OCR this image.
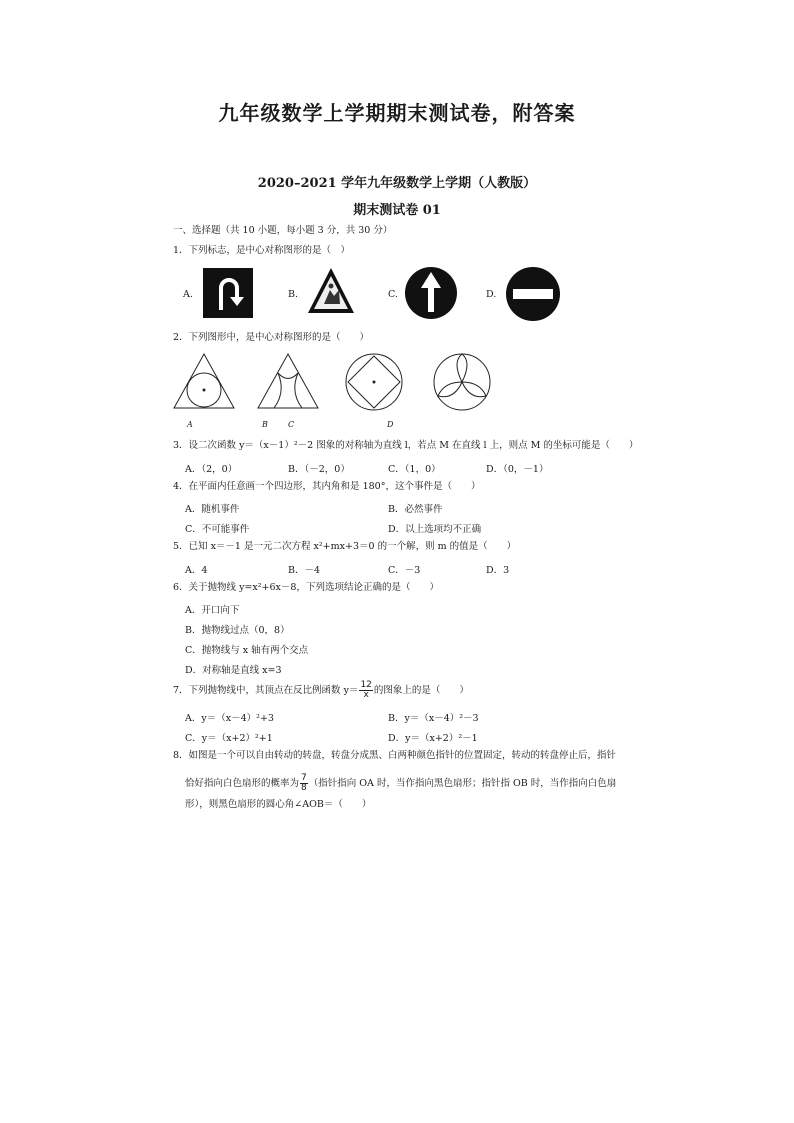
九年级数学上学期期末测试卷，附答案
2020–2021 学年九年级数学上学期（人教版）
期末测试卷 01
一、选择题（共 10 小题，每小题 3 分，共 30 分）
1．下列标志，是中心对称图形的是（　）
A.	B.	C.	D.
2．下列图形中，是中心对称图形的是（　　）
A	B	C	D
3．设二次函数 y＝（x－1）²－2 图象的对称轴为直线 l，若点 M 在直线 l 上，则点 M 的坐标可能是（　　）
A．（2，0）	B．（－2，0）	C．（1，0）	D．（0，－1）
4．在平面内任意画一个四边形，其内角和是 180°，这个事件是（　　）
A．随机事件	B．必然事件
C．不可能事件	D．以上选项均不正确
5．已知 x＝－1 是一元二次方程 x²+mx+3＝0 的一个解，则 m 的值是（　　）
A．4	B．－4	C．－3	D．3
6．关于抛物线 y=x²+6x－8，下列选项结论正确的是（　　）
A．开口向下
B．抛物线过点（0，8）
C．抛物线与 x 轴有两个交点
D．对称轴是直线 x=3
7．下列抛物线中，其顶点在反比例函数 $y= \frac{12}{x}$ 的图象上的是（　　）
A．y＝（x－4）²+3	B．y＝（x－4）²－3
C．y＝（x+2）²+1	D．y＝（x+2）²－1
8．如图是一个可以自由转动的转盘，转盘分成黑、白两种颜色指针的位置固定，转动的转盘停止后，指针
恰好指向白色扇形的概率为 $\frac{7}{8}$ （指针指向 OA 时，当作指向黑色扇形；指针指 OB 时，当作指向白色扇
形），则黑色扇形的圆心角∠AOB＝（　　）
